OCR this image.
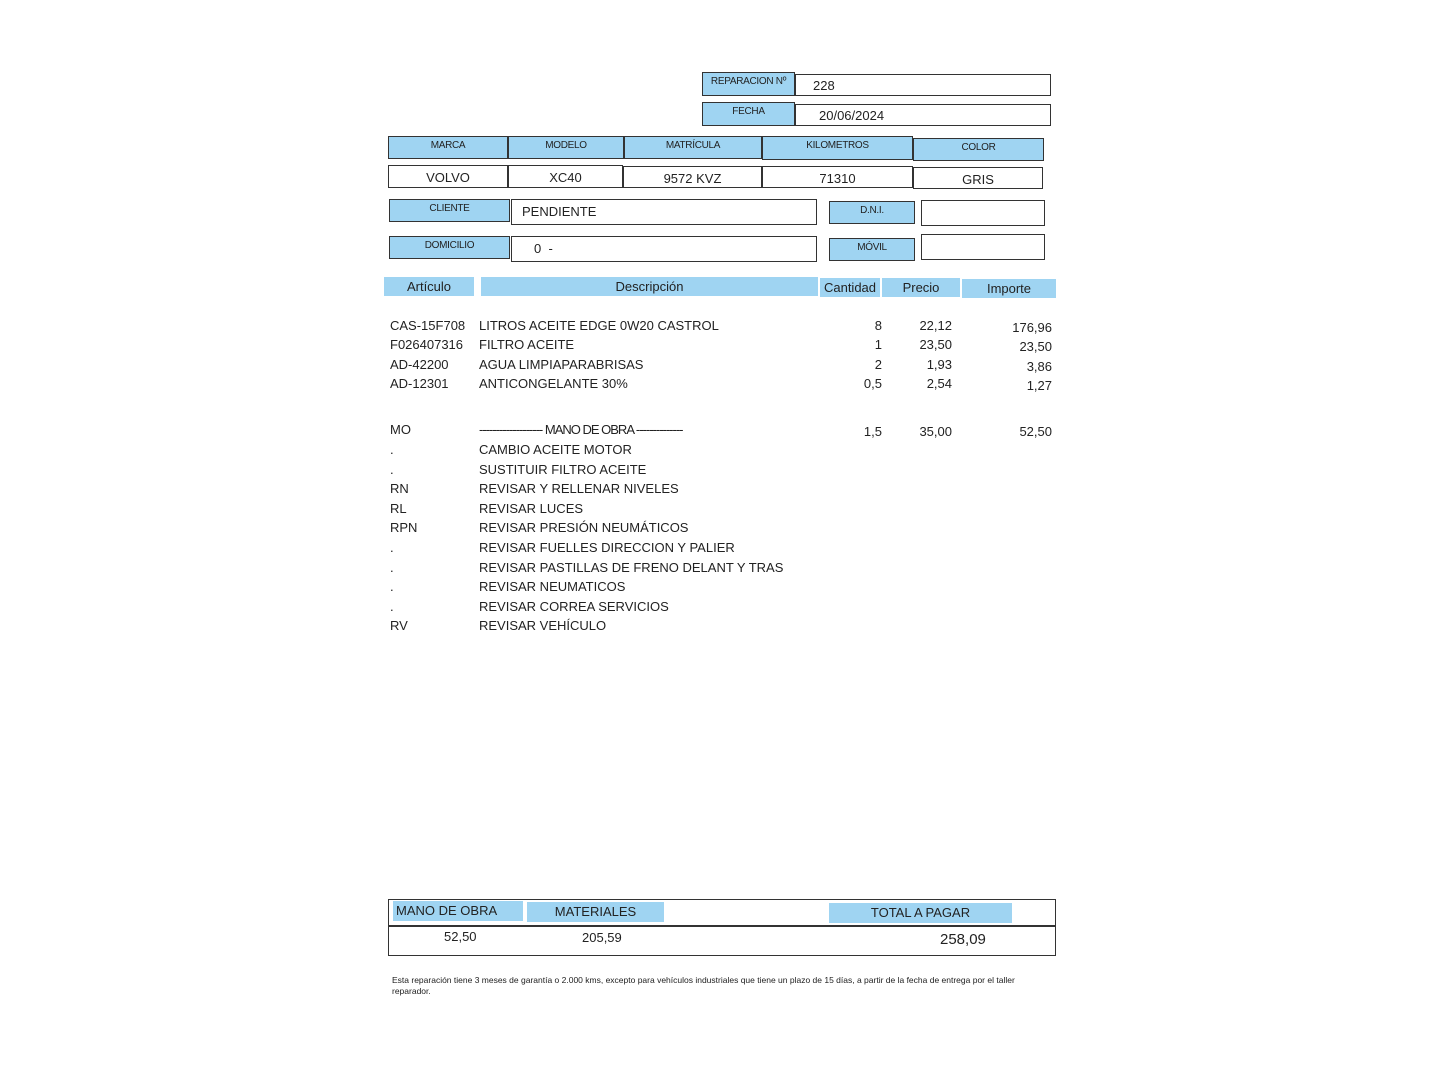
REPARACION Nº	228
FECHA	20/06/2024
MARCA	MODELO	MATRÍCULA	KILOMETROS	COLOR
VOLVO	XC40	9572 KVZ	71310	GRIS
CLIENTE	PENDIENTE	D.N.I.
DOMICILIO	0  -	MÓVIL
Artículo	Descripción	Cantidad	Precio	Importe
CAS-15F708 LITROS ACEITE EDGE 0W20 CASTROL	8	22,12	176,96
F026407316 FILTRO ACEITE	1	23,50	23,50
AD-42200 AGUA LIMPIAPARABRISAS	2	1,93	3,86
AD-12301 ANTICONGELANTE 30%	0,5	2,54	1,27
MO	------------------- MANO DE OBRA --------------	1,5	35,00	52,50
.	CAMBIO ACEITE MOTOR
.	SUSTITUIR FILTRO ACEITE
RN	REVISAR Y RELLENAR NIVELES
RL	REVISAR LUCES
RPN	REVISAR PRESIÓN NEUMÁTICOS
.	REVISAR FUELLES DIRECCION Y PALIER
.	REVISAR PASTILLAS DE FRENO DELANT Y TRAS
.	REVISAR NEUMATICOS
.	REVISAR CORREA SERVICIOS
RV	REVISAR VEHÍCULO
MANO DE OBRA	MATERIALES	TOTAL A PAGAR
52,50	205,59	258,09
Esta reparación tiene 3 meses de garantía o 2.000 kms, excepto para vehículos industriales que tiene un plazo de 15 días, a partir de la fecha de entrega por el taller reparador.
